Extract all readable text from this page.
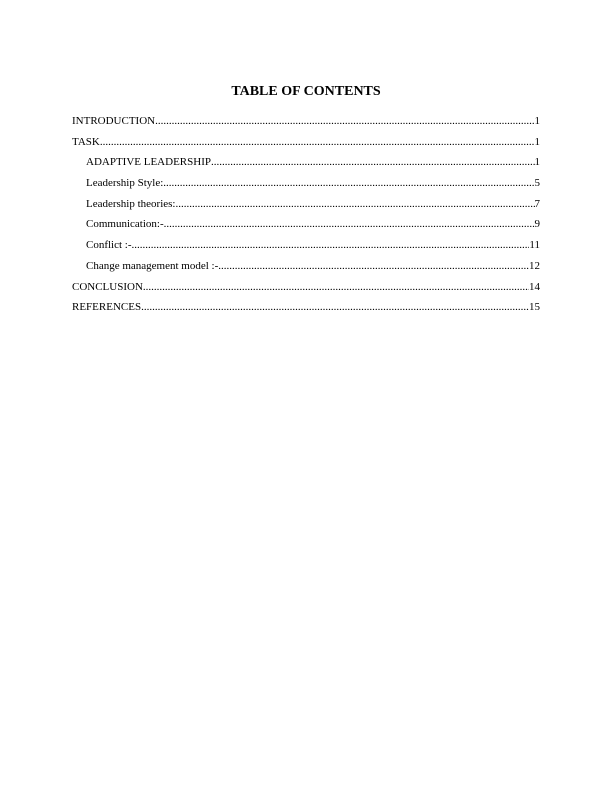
TABLE OF CONTENTS
INTRODUCTION .....	1
TASK .....	1
ADAPTIVE LEADERSHIP .....	1
Leadership Style: .....	5
Leadership theories: .....	7
Communication:- .....	9
Conflict :- .....	11
Change management model :- .....	12
CONCLUSION .....	14
REFERENCES .....	15
